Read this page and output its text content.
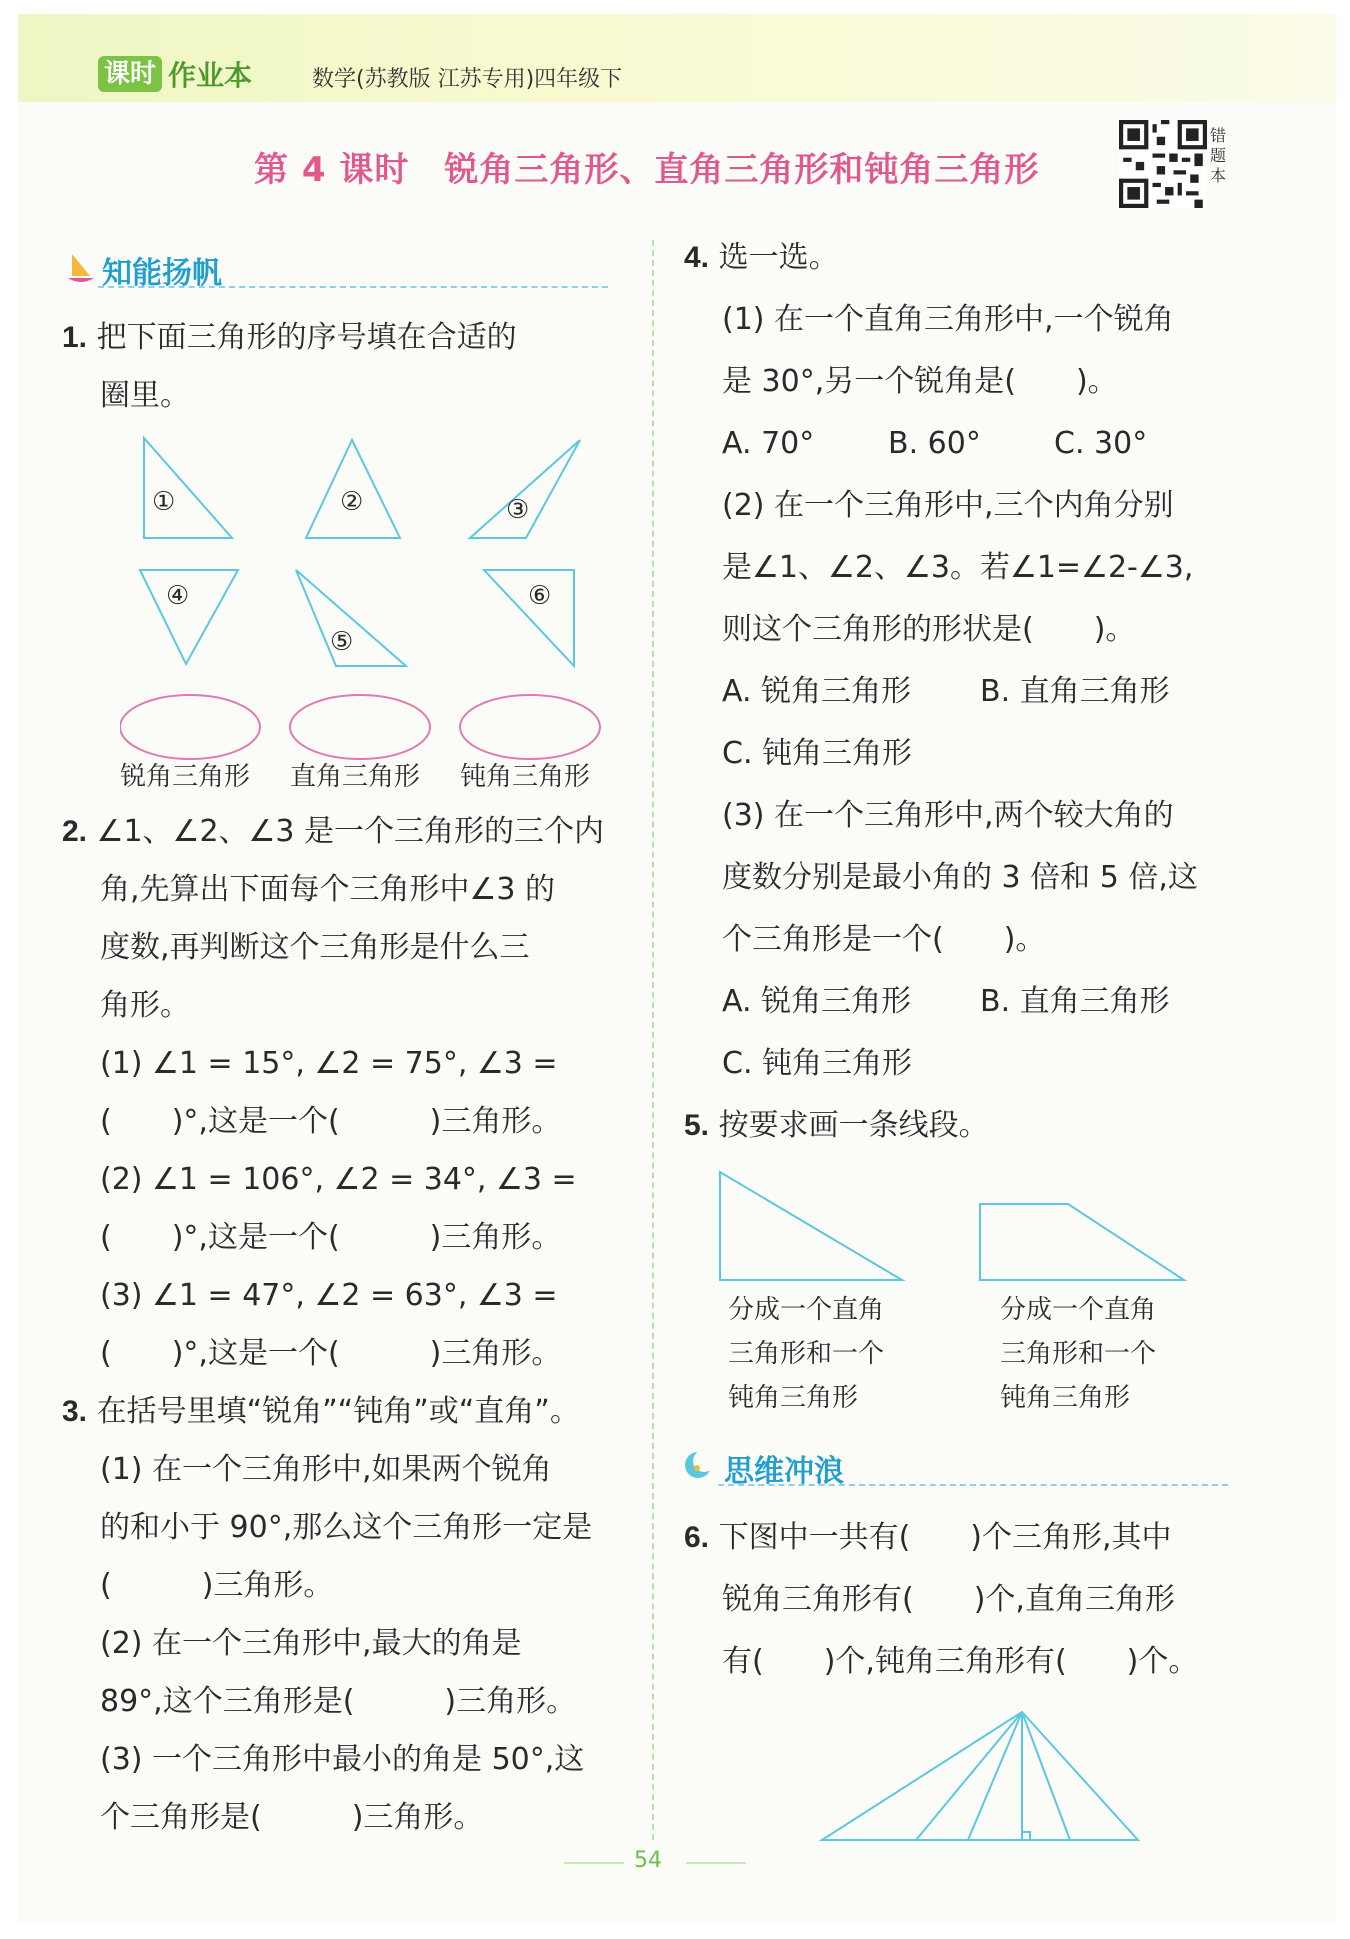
课时 作业本	数学(苏教版 江苏专用)四年级下
第 4 课时　锐角三角形、直角三角形和钝角三角形
错题本
知能扬帆
1. 把下面三角形的序号填在合适的
圈里。
①	②	③
④
⑤
⑥
锐角三角形 直角三角形 钝角三角形
2. ∠1、∠2、∠3 是一个三角形的三个内
角,先算出下面每个三角形中∠3 的
度数,再判断这个三角形是什么三
角形。
(1) ∠1 = 15°, ∠2 = 75°, ∠3 =
(　　)°,这是一个(　　　)三角形。
(2) ∠1 = 106°, ∠2 = 34°, ∠3 =
(　　)°,这是一个(　　　)三角形。
(3) ∠1 = 47°, ∠2 = 63°, ∠3 =
(　　)°,这是一个(　　　)三角形。
3. 在括号里填“锐角”“钝角”或“直角”。
(1) 在一个三角形中,如果两个锐角
的和小于 90°,那么这个三角形一定是
(　　　)三角形。
(2) 在一个三角形中,最大的角是
89°,这个三角形是(　　　)三角形。
(3) 一个三角形中最小的角是 50°,这
个三角形是(　　　)三角形。
4. 选一选。
(1) 在一个直角三角形中,一个锐角
是 30°,另一个锐角是(　　)。
A. 70° B. 60° C. 30°
(2) 在一个三角形中,三个内角分别
是∠1、∠2、∠3。若∠1=∠2-∠3,
则这个三角形的形状是(　　)。
A. 锐角三角形 B. 直角三角形
C. 钝角三角形
(3) 在一个三角形中,两个较大角的
度数分别是最小角的 3 倍和 5 倍,这
个三角形是一个(　　)。
A. 锐角三角形 B. 直角三角形
C. 钝角三角形
5. 按要求画一条线段。
分成一个直角
三角形和一个
钝角三角形
分成一个直角
三角形和一个
钝角三角形
思维冲浪
6. 下图中一共有(　　)个三角形,其中
锐角三角形有(　　)个,直角三角形
有(　　)个,钝角三角形有(　　)个。
54
